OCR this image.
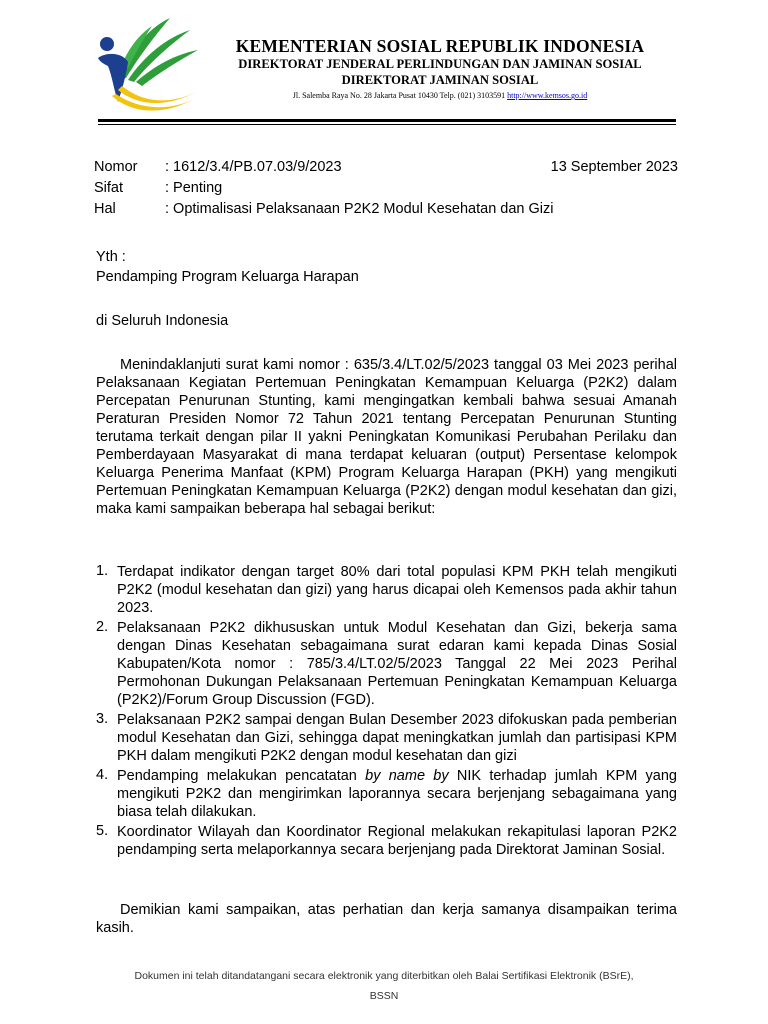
KEMENTERIAN SOSIAL REPUBLIK INDONESIA
DIREKTORAT JENDERAL PERLINDUNGAN DAN JAMINAN SOSIAL
DIREKTORAT JAMINAN SOSIAL
Jl. Salemba Raya No. 28 Jakarta Pusat 10430 Telp. (021) 3103591 http://www.kemsos.go.id
Nomor : 1612/3.4/PB.07.03/9/2023	13 September 2023
Sifat	: Penting
Hal	: Optimalisasi Pelaksanaan P2K2 Modul Kesehatan dan Gizi
Yth :
Pendamping Program Keluarga Harapan
di Seluruh Indonesia
Menindaklanjuti surat kami nomor : 635/3.4/LT.02/5/2023 tanggal 03 Mei 2023 perihal Pelaksanaan Kegiatan Pertemuan Peningkatan Kemampuan Keluarga (P2K2) dalam Percepatan Penurunan Stunting, kami mengingatkan kembali bahwa sesuai Amanah Peraturan Presiden Nomor 72 Tahun 2021 tentang Percepatan Penurunan Stunting terutama terkait dengan pilar II yakni Peningkatan Komunikasi Perubahan Perilaku dan Pemberdayaan Masyarakat di mana terdapat keluaran (output) Persentase kelompok Keluarga Penerima Manfaat (KPM) Program Keluarga Harapan (PKH) yang mengikuti Pertemuan Peningkatan Kemampuan Keluarga (P2K2) dengan modul kesehatan dan gizi, maka kami sampaikan beberapa hal sebagai berikut:
1. Terdapat indikator dengan target 80% dari total populasi KPM PKH telah mengikuti P2K2 (modul kesehatan dan gizi) yang harus dicapai oleh Kemensos pada akhir tahun 2023.
2. Pelaksanaan P2K2 dikhususkan untuk Modul Kesehatan dan Gizi, bekerja sama dengan Dinas Kesehatan sebagaimana surat edaran kami kepada Dinas Sosial Kabupaten/Kota nomor : 785/3.4/LT.02/5/2023 Tanggal 22 Mei 2023 Perihal Permohonan Dukungan Pelaksanaan Pertemuan Peningkatan Kemampuan Keluarga (P2K2)/Forum Group Discussion (FGD).
3. Pelaksanaan P2K2 sampai dengan Bulan Desember 2023 difokuskan pada pemberian modul Kesehatan dan Gizi, sehingga dapat meningkatkan jumlah dan partisipasi KPM PKH dalam mengikuti P2K2 dengan modul kesehatan dan gizi
4. Pendamping melakukan pencatatan by name by NIK terhadap jumlah KPM yang mengikuti P2K2 dan mengirimkan laporannya secara berjenjang sebagaimana yang biasa telah dilakukan.
5. Koordinator Wilayah dan Koordinator Regional melakukan rekapitulasi laporan P2K2 pendamping serta melaporkannya secara berjenjang pada Direktorat Jaminan Sosial.
Demikian kami sampaikan, atas perhatian dan kerja samanya disampaikan terima kasih.
Dokumen ini telah ditandatangani secara elektronik yang diterbitkan oleh Balai Sertifikasi Elektronik (BSrE),
BSSN
